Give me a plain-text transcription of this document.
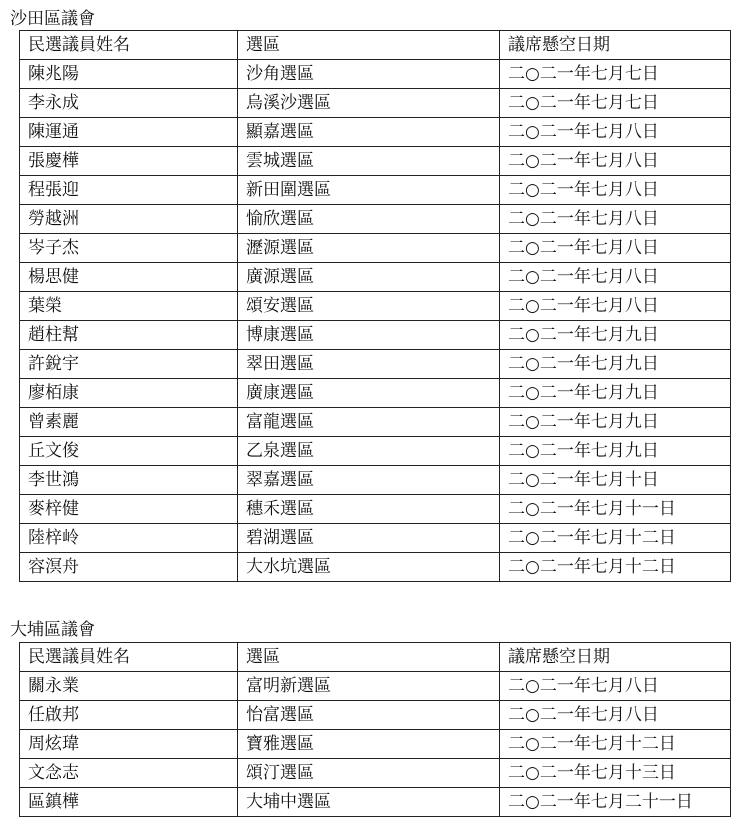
沙田區議會
民選議員姓名	選區	議席懸空日期
陳兆陽	沙角選區	二○二一年七月七日
李永成	烏溪沙選區	二○二一年七月七日
陳運通	顯嘉選區	二○二一年七月八日
張慶樺	雲城選區	二○二一年七月八日
程張迎	新田圍選區	二○二一年七月八日
勞越洲	愉欣選區	二○二一年七月八日
岑子杰	瀝源選區	二○二一年七月八日
楊思健	廣源選區	二○二一年七月八日
葉榮	頌安選區	二○二一年七月八日
趙柱幫	博康選區	二○二一年七月九日
許銳宇	翠田選區	二○二一年七月九日
廖栢康	廣康選區	二○二一年七月九日
曾素麗	富龍選區	二○二一年七月九日
丘文俊	乙泉選區	二○二一年七月九日
李世鴻	翠嘉選區	二○二一年七月十日
麥梓健	穗禾選區	二○二一年七月十一日
陸梓岭	碧湖選區	二○二一年七月十二日
容溟舟	大水坑選區	二○二一年七月十二日
大埔區議會
民選議員姓名	選區	議席懸空日期
關永業	富明新選區	二○二一年七月八日
任啟邦	怡富選區	二○二一年七月八日
周炫瑋	寶雅選區	二○二一年七月十二日
文念志	頌汀選區	二○二一年七月十三日
區鎮樺	大埔中選區	二○二一年七月二十一日
